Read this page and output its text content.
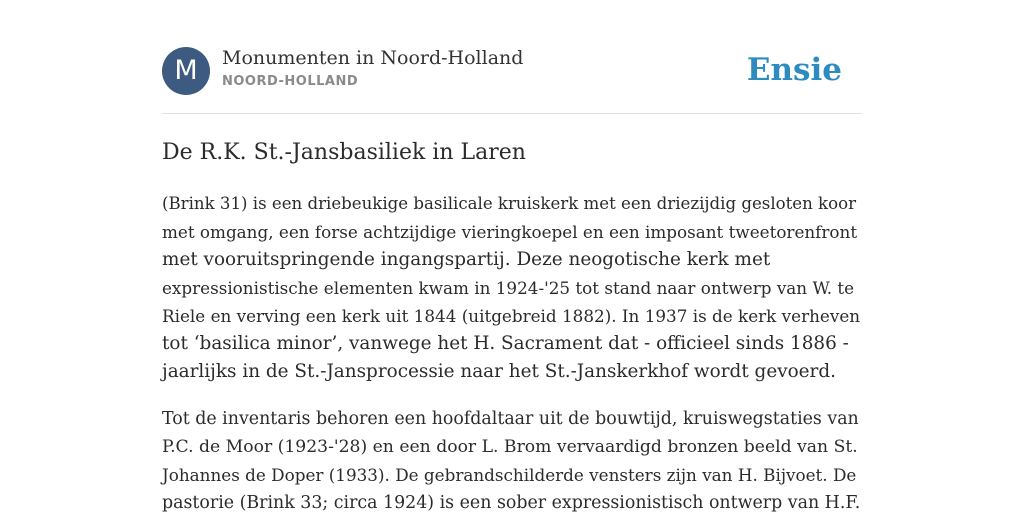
M	Monumenten in Noord-Holland
NOORD-HOLLAND	Ensie
De R.K. St.-Jansbasiliek in Laren

(Brink 31) is een driebeukige basilicale kruiskerk met een driezijdig gesloten koor
met omgang, een forse achtzijdige vieringkoepel en een imposant tweetorenfront
met vooruitspringende ingangspartij. Deze neogotische kerk met
expressionistische elementen kwam in 1924-'25 tot stand naar ontwerp van W. te
Riele en verving een kerk uit 1844 (uitgebreid 1882). In 1937 is de kerk verheven
tot ‘basilica minor’, vanwege het H. Sacrament dat - officieel sinds 1886 -
jaarlijks in de St.-Jansprocessie naar het St.-Janskerkhof wordt gevoerd.

Tot de inventaris behoren een hoofdaltaar uit de bouwtijd, kruiswegstaties van
P.C. de Moor (1923-'28) en een door L. Brom vervaardigd bronzen beeld van St.
Johannes de Doper (1933). De gebrandschilderde vensters zijn van H. Bijvoet. De
pastorie (Brink 33; circa 1924) is een sober expressionistisch ontwerp van H.F.
